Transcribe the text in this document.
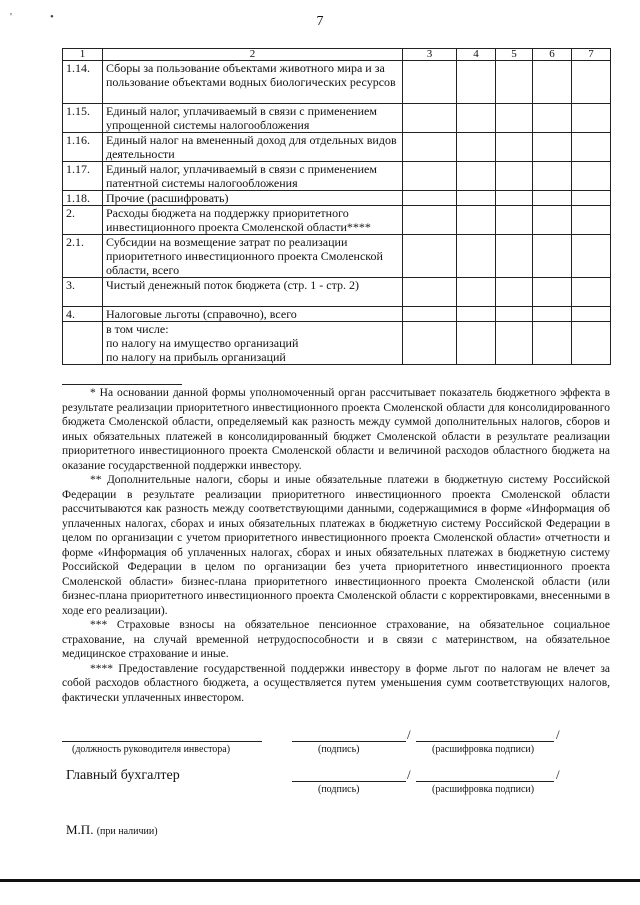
7
'	•
1	2	3	4	5	6	7
1.14.	Сборы за пользование объектами животного мира и за пользование объектами водных биологических ресурсов					
1.15.	Единый налог, уплачиваемый в связи с применением упрощенной системы налогообложения					
1.16.	Единый налог на вмененный доход для отдельных видов деятельности					
1.17.	Единый налог, уплачиваемый в связи с применением патентной системы налогообложения					
1.18.	Прочие (расшифровать)					
2.	Расходы бюджета на поддержку приоритетного инвестиционного проекта Смоленской области****					
2.1.	Субсидии на возмещение затрат по реализации приоритетного инвестиционного проекта Смоленской области, всего					
3.	Чистый денежный поток бюджета (стр. 1 - стр. 2)					
4.	Налоговые льготы (справочно), всего					

	в том числе:
по налогу на имущество организаций
по налогу на прибыль организаций					

* На основании данной формы уполномоченный орган рассчитывает показатель бюджетного эффекта в результате реализации приоритетного инвестиционного проекта Смоленской области для консолидированного бюджета Смоленской области, определяемый как разность между суммой дополнительных налогов, сборов и иных обязательных платежей в консолидированный бюджет Смоленской области в результате реализации приоритетного инвестиционного проекта Смоленской области и величиной расходов областного бюджета на оказание государственной поддержки инвестору.

** Дополнительные налоги, сборы и иные обязательные платежи в бюджетную систему Российской Федерации в результате реализации приоритетного инвестиционного проекта Смоленской области рассчитываются как разность между соответствующими данными, содержащимися в форме «Информация об уплаченных налогах, сборах и иных обязательных платежах в бюджетную систему Российской Федерации в целом по организации с учетом приоритетного инвестиционного проекта Смоленской области» отчетности и форме «Информация об уплаченных налогах, сборах и иных обязательных платежах в бюджетную систему Российской Федерации в целом по организации без учета приоритетного инвестиционного проекта Смоленской области» бизнес-плана приоритетного инвестиционного проекта Смоленской области (или бизнес-плана приоритетного инвестиционного проекта Смоленской области с корректировками, внесенными в ходе его реализации).

*** Страховые взносы на обязательное пенсионное страхование, на обязательное социальное страхование, на случай временной нетрудоспособности и в связи с материнством, на обязательное медицинское страхование и иные.

**** Предоставление государственной поддержки инвестору в форме льгот по налогам не влечет за собой расходов областного бюджета, а осуществляется путем уменьшения сумм соответствующих налогов, фактически уплаченных инвестором.

(должность руководителя инвестора)
/	/
(подпись)	(расшифровка подписи)
Главный бухгалтер	/	/
(подпись)	(расшифровка подписи)
М.П. (при наличии)
